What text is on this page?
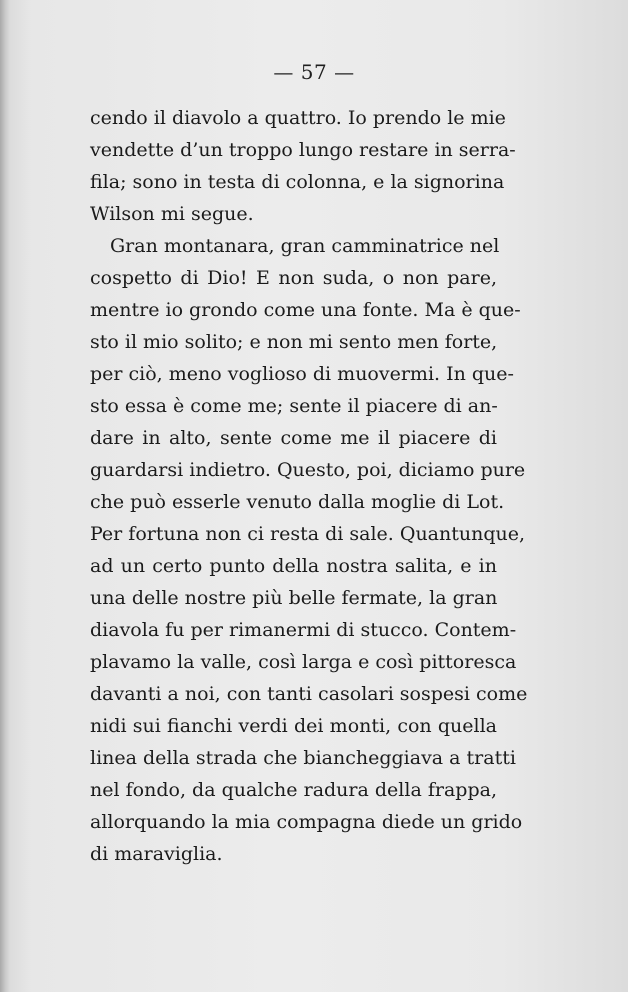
— 57 —
cendo il diavolo a quattro. Io prendo le mie
vendette d’un troppo lungo restare in serra-
fila; sono in testa di colonna, e la signorina
Wilson mi segue.
Gran montanara, gran camminatrice nel
cospetto di Dio! E non suda, o non pare,
mentre io grondo come una fonte. Ma è que-
sto il mio solito; e non mi sento men forte,
per ciò, meno voglioso di muovermi. In que-
sto essa è come me; sente il piacere di an-
dare in alto, sente come me il piacere di
guardarsi indietro. Questo, poi, diciamo pure
che può esserle venuto dalla moglie di Lot.
Per fortuna non ci resta di sale. Quantunque,
ad un certo punto della nostra salita, e in
una delle nostre più belle fermate, la gran
diavola fu per rimanermi di stucco. Contem-
plavamo la valle, così larga e così pittoresca
davanti a noi, con tanti casolari sospesi come
nidi sui fianchi verdi dei monti, con quella
linea della strada che biancheggiava a tratti
nel fondo, da qualche radura della frappa,
allorquando la mia compagna diede un grido
di maraviglia.
